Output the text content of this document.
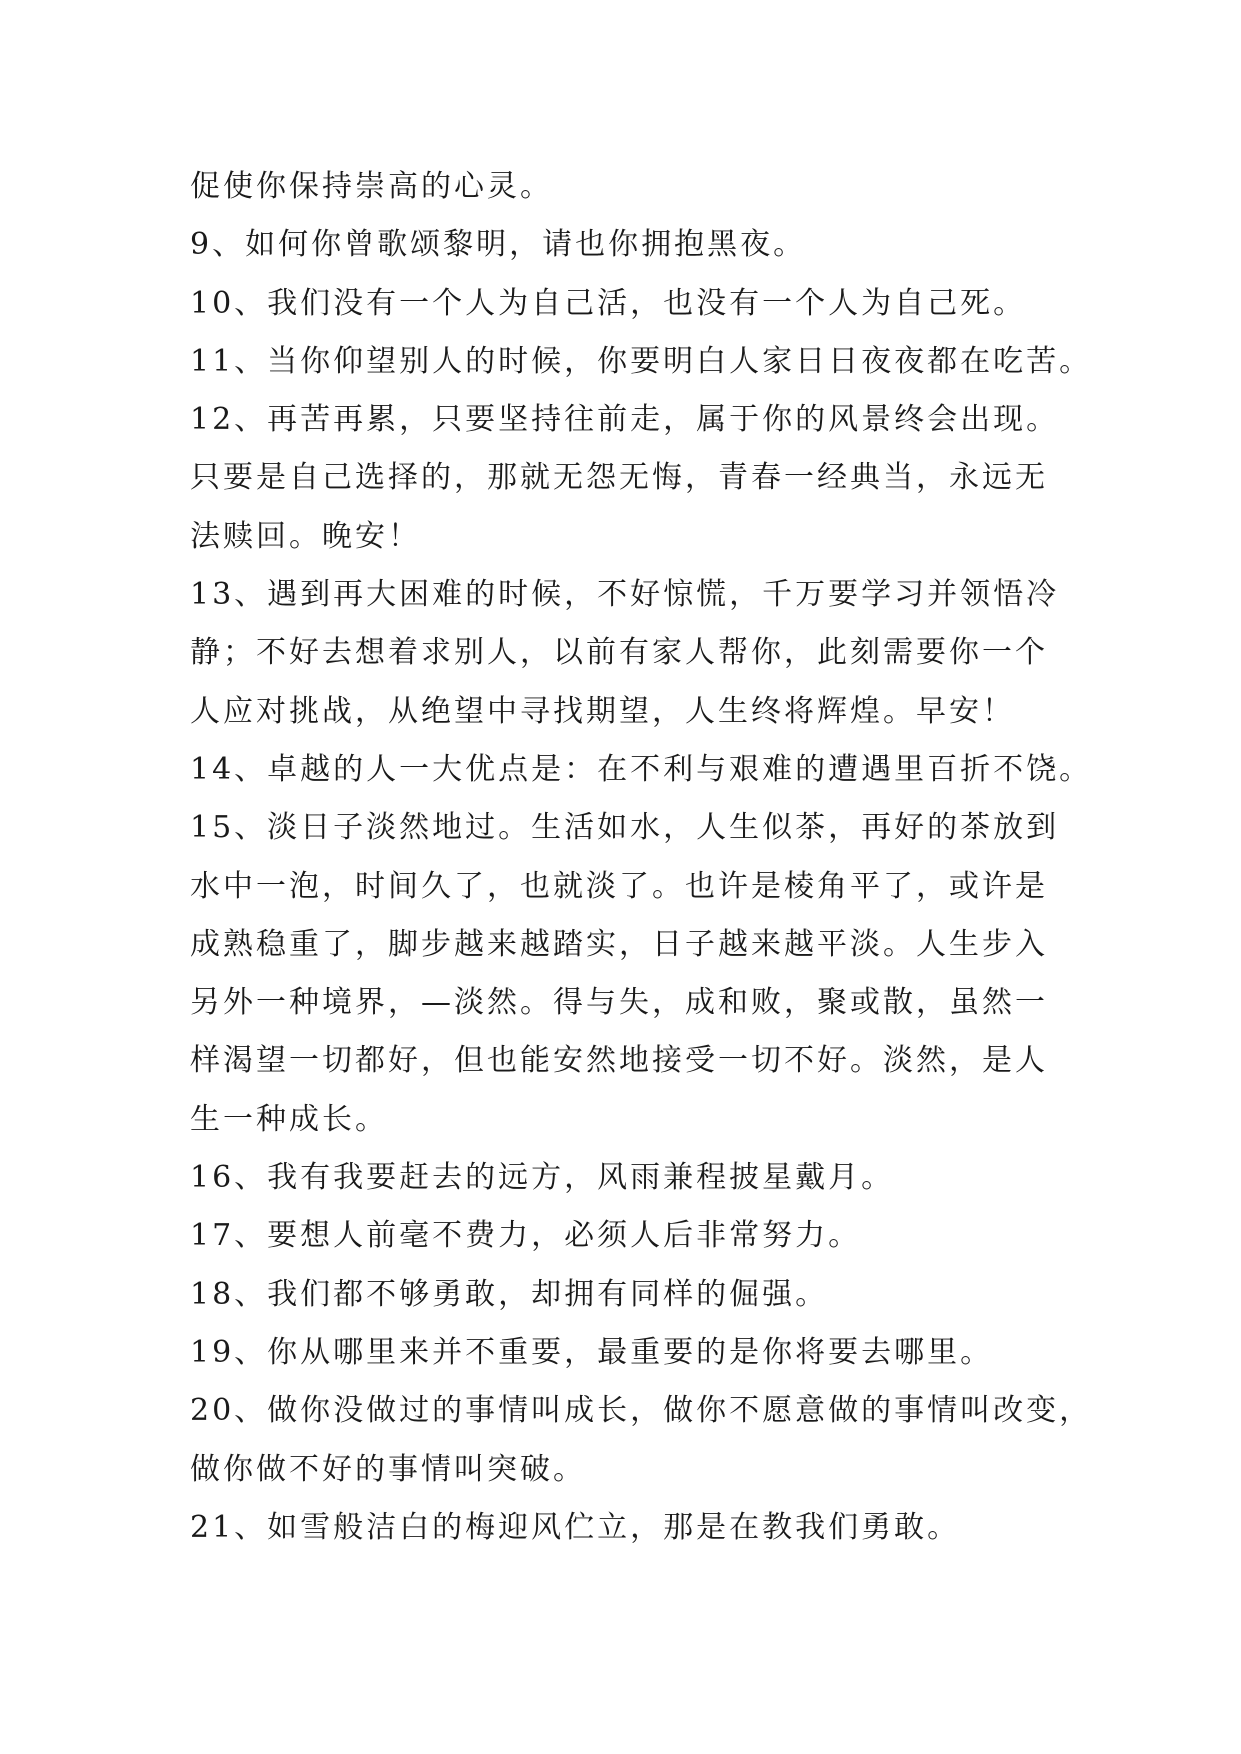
促使你保持崇高的心灵。
9、如何你曾歌颂黎明，请也你拥抱黑夜。
10、我们没有一个人为自己活，也没有一个人为自己死。
11、当你仰望别人的时候，你要明白人家日日夜夜都在吃苦。
12、再苦再累，只要坚持往前走，属于你的风景终会出现。
只要是自己选择的，那就无怨无悔，青春一经典当，永远无
法赎回。晚安！
13、遇到再大困难的时候，不好惊慌，千万要学习并领悟冷
静；不好去想着求别人，以前有家人帮你，此刻需要你一个
人应对挑战，从绝望中寻找期望，人生终将辉煌。早安！
14、卓越的人一大优点是：在不利与艰难的遭遇里百折不饶。
15、淡日子淡然地过。生活如水，人生似茶，再好的茶放到
水中一泡，时间久了，也就淡了。也许是棱角平了，或许是
成熟稳重了，脚步越来越踏实，日子越来越平淡。人生步入
另外一种境界，—淡然。得与失，成和败，聚或散，虽然一
样渴望一切都好，但也能安然地接受一切不好。淡然，是人
生一种成长。
16、我有我要赶去的远方，风雨兼程披星戴月。
17、要想人前毫不费力，必须人后非常努力。
18、我们都不够勇敢，却拥有同样的倔强。
19、你从哪里来并不重要，最重要的是你将要去哪里。
20、做你没做过的事情叫成长，做你不愿意做的事情叫改变，
做你做不好的事情叫突破。
21、如雪般洁白的梅迎风伫立，那是在教我们勇敢。
